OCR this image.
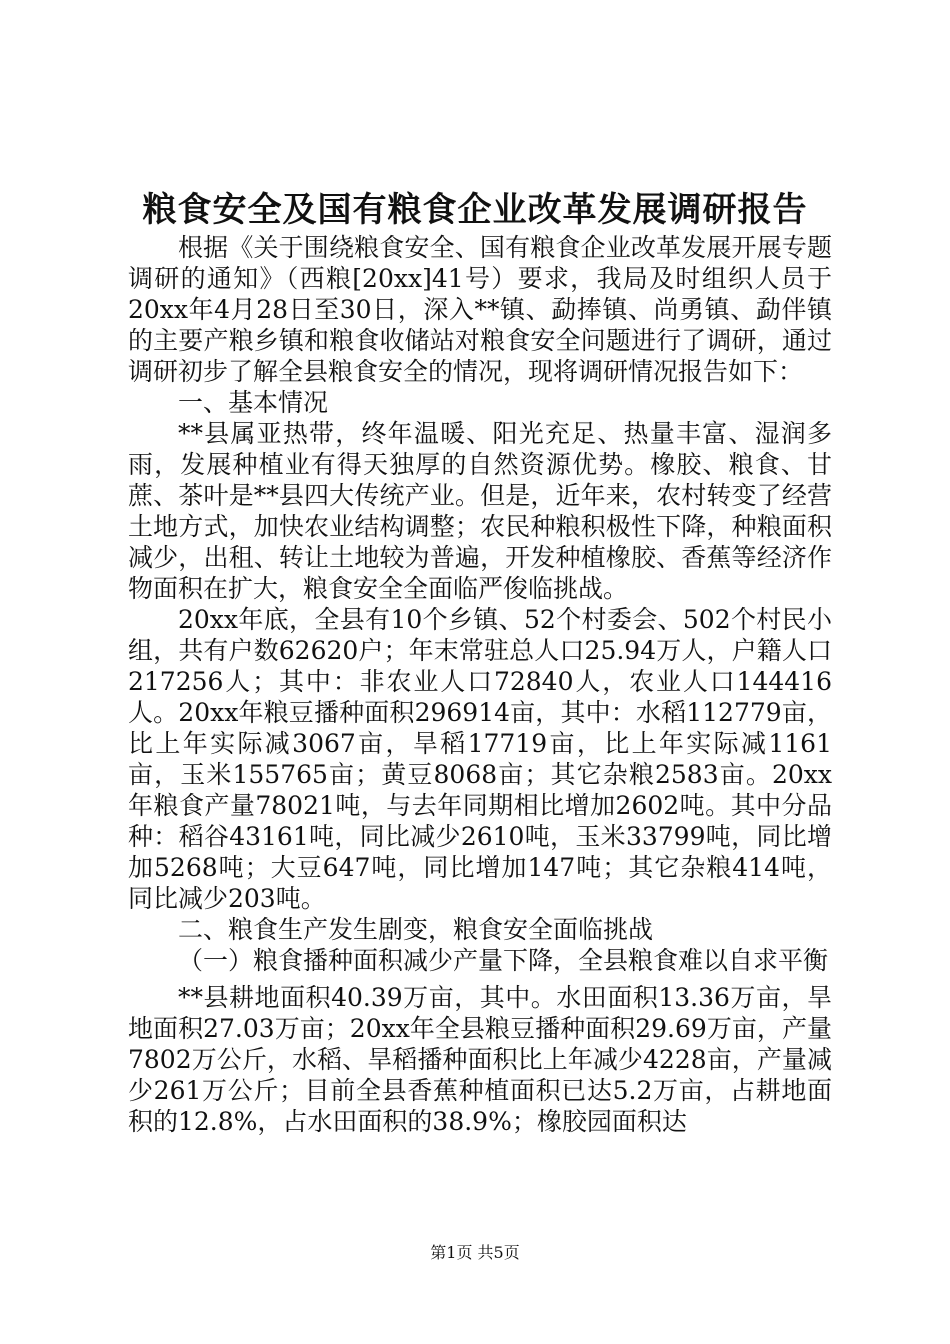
粮食安全及国有粮食企业改革发展调研报告

根据《关于围绕粮食安全、国有粮食企业改革发展开展专题调研的通知》（西粮[20xx]41号）要求，我局及时组织人员于20xx年4月28日至30日，深入**镇、勐捧镇、尚勇镇、勐伴镇的主要产粮乡镇和粮食收储站对粮食安全问题进行了调研，通过调研初步了解全县粮食安全的情况，现将调研情况报告如下：

一、基本情况

**县属亚热带，终年温暖、阳光充足、热量丰富、湿润多雨，发展种植业有得天独厚的自然资源优势。橡胶、粮食、甘蔗、茶叶是**县四大传统产业。但是，近年来，农村转变了经营土地方式，加快农业结构调整；农民种粮积极性下降，种粮面积减少，出租、转让土地较为普遍，开发种植橡胶、香蕉等经济作物面积在扩大，粮食安全全面临严俊临挑战。

20xx年底，全县有10个乡镇、52个村委会、502个村民小组，共有户数62620户；年末常驻总人口25.94万人，户籍人口217256人；其中：非农业人口72840人，农业人口144416人。20xx年粮豆播种面积296914亩，其中：水稻112779亩，比上年实际减3067亩，旱稻17719亩，比上年实际减1161亩，玉米155765亩；黄豆8068亩；其它杂粮2583亩。20xx年粮食产量78021吨，与去年同期相比增加2602吨。其中分品种：稻谷43161吨，同比减少2610吨，玉米33799吨，同比增加5268吨；大豆647吨，同比增加147吨；其它杂粮414吨，同比减少203吨。

二、粮食生产发生剧变，粮食安全面临挑战

（一）粮食播种面积减少产量下降，全县粮食难以自求平衡

**县耕地面积40.39万亩，其中。水田面积13.36万亩，旱地面积27.03万亩；20xx年全县粮豆播种面积29.69万亩，产量7802万公斤，水稻、旱稻播种面积比上年减少4228亩，产量减少261万公斤；目前全县香蕉种植面积已达5.2万亩，占耕地面积的12.8%，占水田面积的38.9%；橡胶园面积达

第1页 共5页
